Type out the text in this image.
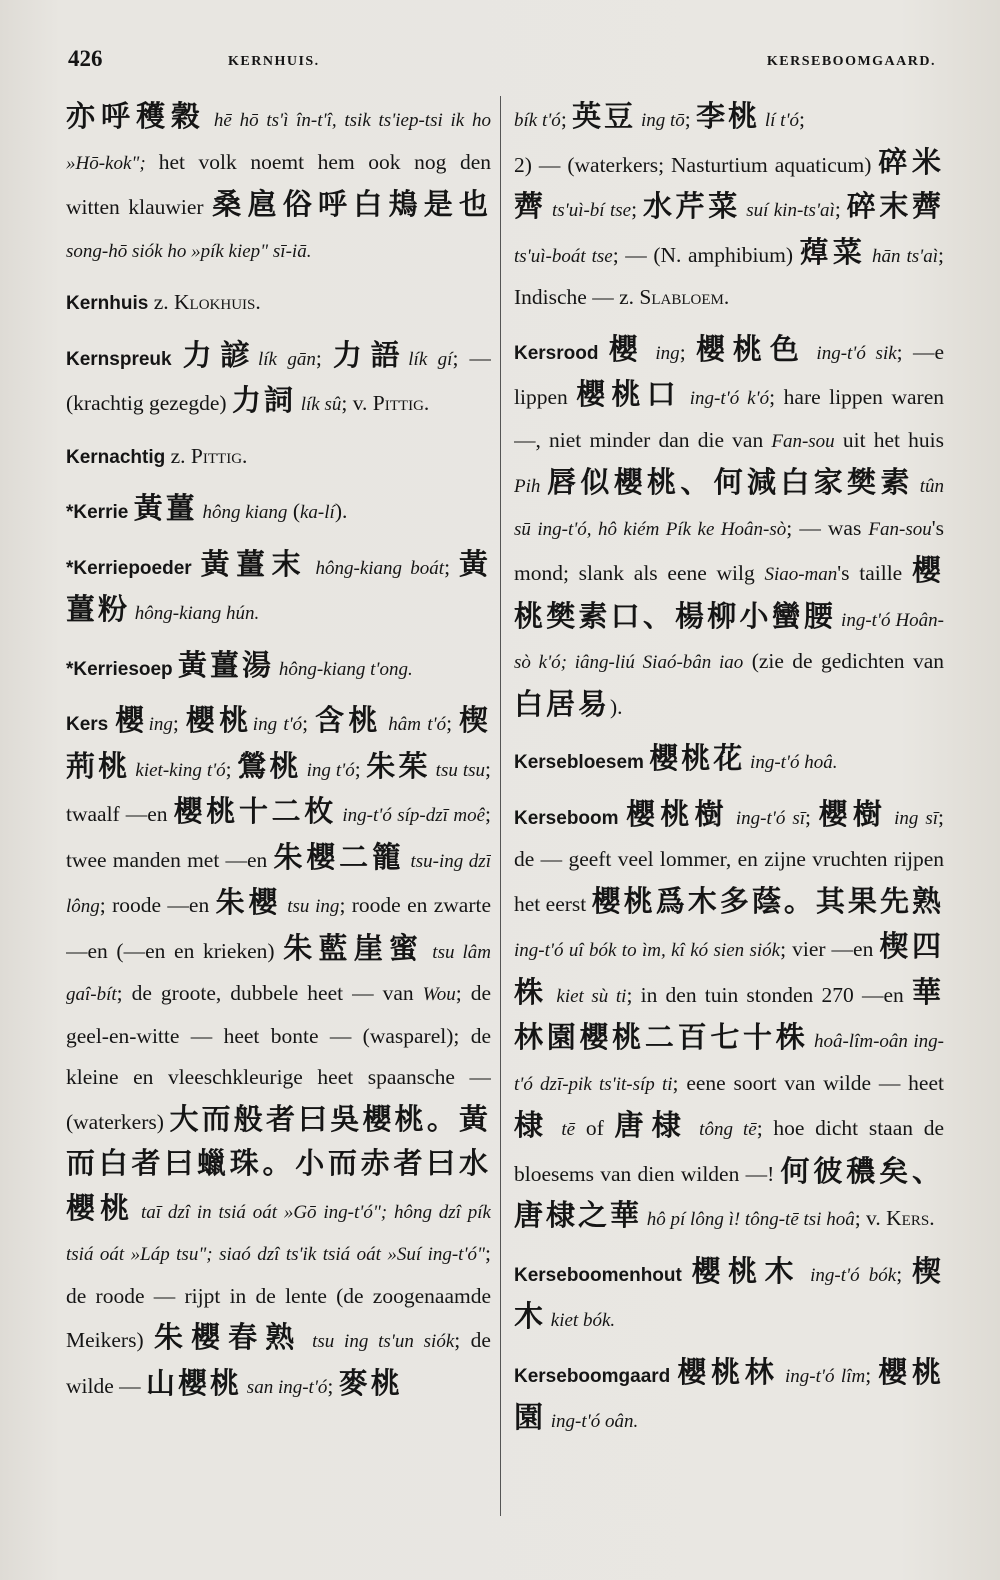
426	KERNHUIS.	KERSEBOOMGAARD.

亦呼穫穀 hē hō ts'ì în-t'î, tsik ts'iep-tsi ik ho »Hō-kok"; het volk noemt hem ook nog den witten klauwier 桑扈俗呼白鳺是也 song-hō siók ho »pík kiep" sī-iā.

Kernhuis z. Klokhuis.

Kernspreuk 力諺lík gān; 力語lík gí; — (krachtig gezegde) 力詞 lík sû; v. Pittig.

Kernachtig z. Pittig.

*Kerrie 黃薑 hông kiang (ka-lí).

*Kerriepoeder 黃薑末 hông-kiang boát; 黃薑粉 hông-kiang hún.

*Kerriesoep 黃薑湯 hông-kiang t'ong.

Kers 櫻ing; 櫻桃ing t'ó; 含桃 hâm t'ó; 楔荊桃 kiet-king t'ó; 鶯桃 ing t'ó; 朱茱 tsu tsu; twaalf —en 櫻桃十二枚 ing-t'ó síp-dzī moê; twee manden met —en 朱櫻二籠 tsu-ing dzī lông; roode —en 朱櫻 tsu ing; roode en zwarte —en (—en en krieken) 朱藍崖蜜 tsu lâm gaî-bít; de groote, dubbele heet — van Wou; de geel-en-witte — heet bonte — (wasparel); de kleine en vleeschkleurige heet spaansche — (waterkers) 大而般者曰吳櫻桃。黃而白者曰蠟珠。小而赤者曰水櫻桃 taī dzî in tsiá oát »Gō ing-t'ó"; hông dzî pík tsiá oát »Láp tsu"; siaó dzî ts'ik tsiá oát »Suí ing-t'ó"; de roode — rijpt in de lente (de zoogenaamde Meikers) 朱櫻春熟 tsu ing ts'un siók; de wilde — 山櫻桃 san ing-t'ó; 麥桃

bík t'ó; 英豆 ing tō; 李桃 lí t'ó;

2) — (waterkers; Nasturtium aquaticum) 碎米薺 ts'uì-bí tse; 水芹菜 suí kin-ts'aì; 碎末薺 ts'uì-boát tse; — (N. amphibium) 蔊菜 hān ts'aì; Indische — z. Slabloem.

Kersrood 櫻 ing; 櫻桃色 ing-t'ó sik; —e lippen 櫻桃口 ing-t'ó k'ó; hare lippen waren —, niet minder dan die van Fan-sou uit het huis Pih 唇似櫻桃、何減白家樊素 tûn sū ing-t'ó, hô kiém Pík ke Hoân-sò; — was Fan-sou's mond; slank als eene wilg Siao-man's taille 櫻桃樊素口、楊柳小蠻腰 ing-t'ó Hoân-sò k'ó; iâng-liú Siaó-bân iao (zie de gedichten van 白居易).

Kersebloesem 櫻桃花 ing-t'ó hoâ.

Kerseboom 櫻桃樹 ing-t'ó sī; 櫻樹 ing sī; de — geeft veel lommer, en zijne vruchten rijpen het eerst 櫻桃爲木多蔭。其果先熟 ing-t'ó uî bók to ìm, kî kó sien siók; vier —en 楔四株 kiet sù ti; in den tuin stonden 270 —en 華林園櫻桃二百七十株 hoâ-lîm-oân ing-t'ó dzī-pik ts'it-síp ti; eene soort van wilde — heet 棣 tē of 唐棣 tông tē; hoe dicht staan de bloesems van dien wilden —! 何彼穠矣、唐棣之華 hô pí lông ì! tông-tē tsi hoâ; v. Kers.

Kerseboomenhout 櫻桃木 ing-t'ó bók; 楔木 kiet bók.

Kerseboomgaard 櫻桃林 ing-t'ó lîm; 櫻桃園 ing-t'ó oân.
